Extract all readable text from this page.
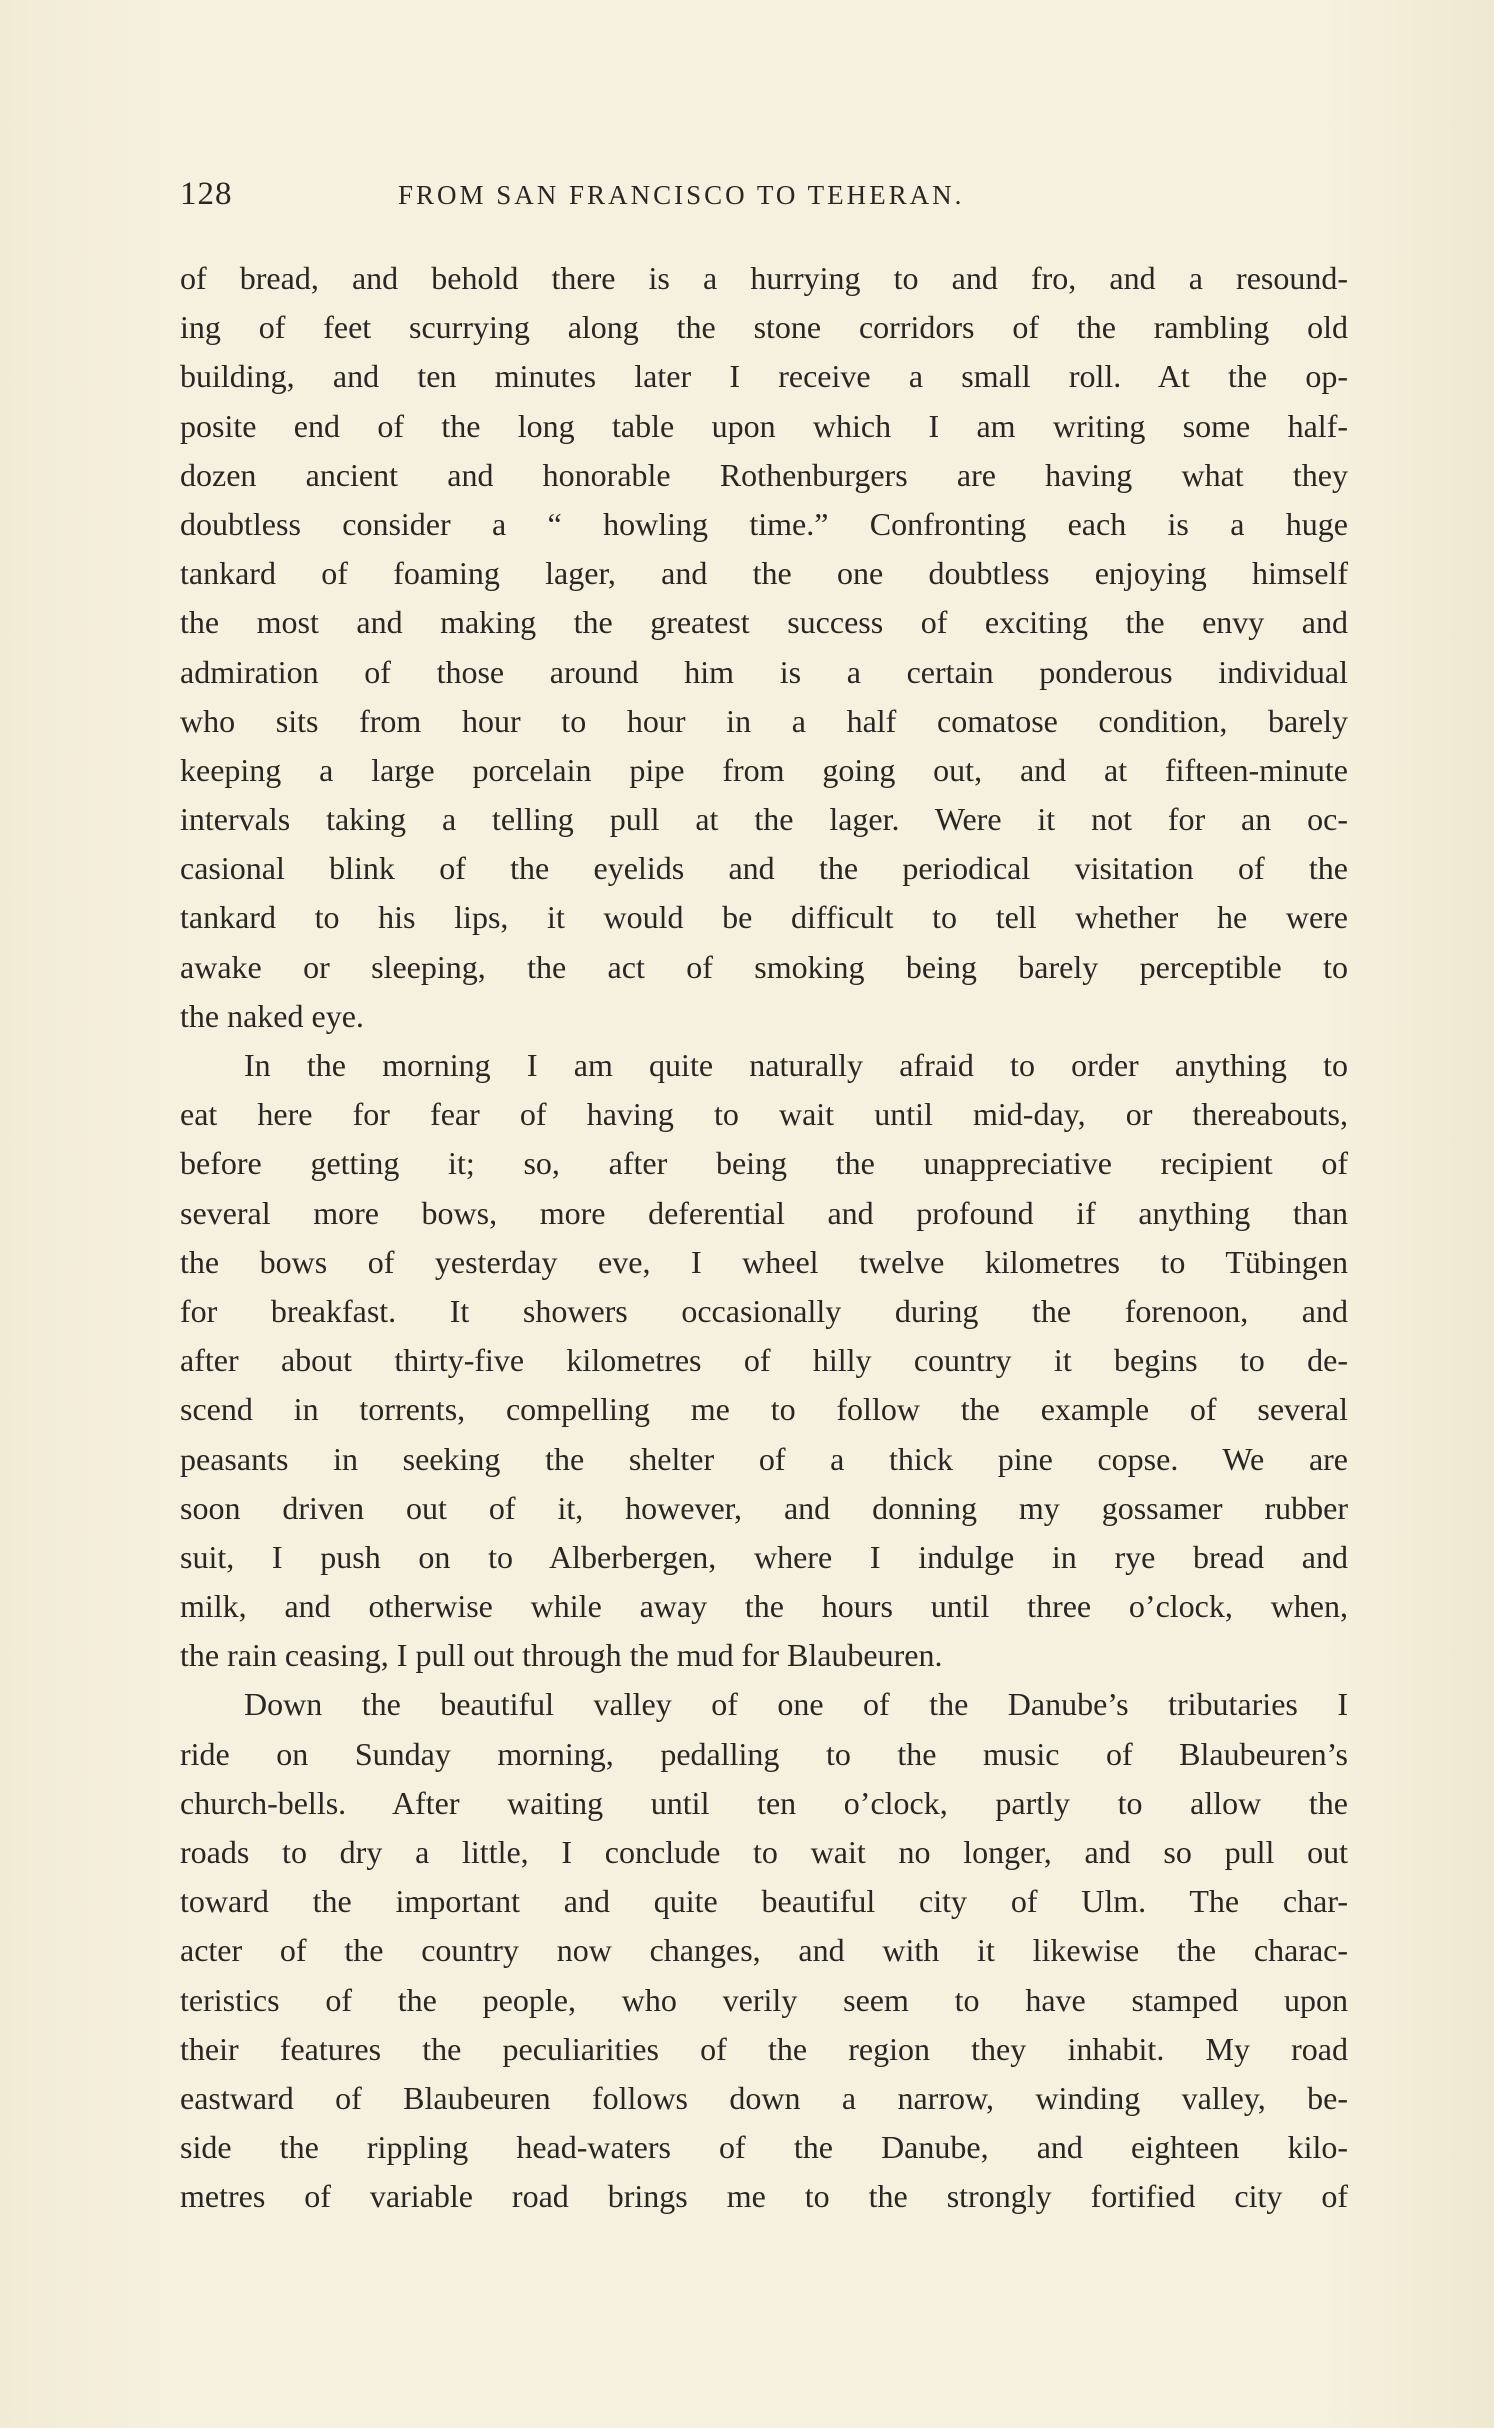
128	FROM SAN FRANCISCO TO TEHERAN.
of bread, and behold there is a hurrying to and fro, and a resound-
ing of feet scurrying along the stone corridors of the rambling old
building, and ten minutes later I receive a small roll. At the op-
posite end of the long table upon which I am writing some half-
dozen ancient and honorable Rothenburgers are having what they
doubtless consider a “ howling time.” Confronting each is a huge
tankard of foaming lager, and the one doubtless enjoying himself
the most and making the greatest success of exciting the envy and
admiration of those around him is a certain ponderous individual
who sits from hour to hour in a half comatose condition, barely
keeping a large porcelain pipe from going out, and at fifteen-minute
intervals taking a telling pull at the lager. Were it not for an oc-
casional blink of the eyelids and the periodical visitation of the
tankard to his lips, it would be difficult to tell whether he were
awake or sleeping, the act of smoking being barely perceptible to
the naked eye.
In the morning I am quite naturally afraid to order anything to
eat here for fear of having to wait until mid-day, or thereabouts,
before getting it; so, after being the unappreciative recipient of
several more bows, more deferential and profound if anything than
the bows of yesterday eve, I wheel twelve kilometres to Tübingen
for breakfast. It showers occasionally during the forenoon, and
after about thirty-five kilometres of hilly country it begins to de-
scend in torrents, compelling me to follow the example of several
peasants in seeking the shelter of a thick pine copse. We are
soon driven out of it, however, and donning my gossamer rubber
suit, I push on to Alberbergen, where I indulge in rye bread and
milk, and otherwise while away the hours until three o’clock, when,
the rain ceasing, I pull out through the mud for Blaubeuren.
Down the beautiful valley of one of the Danube’s tributaries I
ride on Sunday morning, pedalling to the music of Blaubeuren’s
church-bells. After waiting until ten o’clock, partly to allow the
roads to dry a little, I conclude to wait no longer, and so pull out
toward the important and quite beautiful city of Ulm. The char-
acter of the country now changes, and with it likewise the charac-
teristics of the people, who verily seem to have stamped upon
their features the peculiarities of the region they inhabit. My road
eastward of Blaubeuren follows down a narrow, winding valley, be-
side the rippling head-waters of the Danube, and eighteen kilo-
metres of variable road brings me to the strongly fortified city of
